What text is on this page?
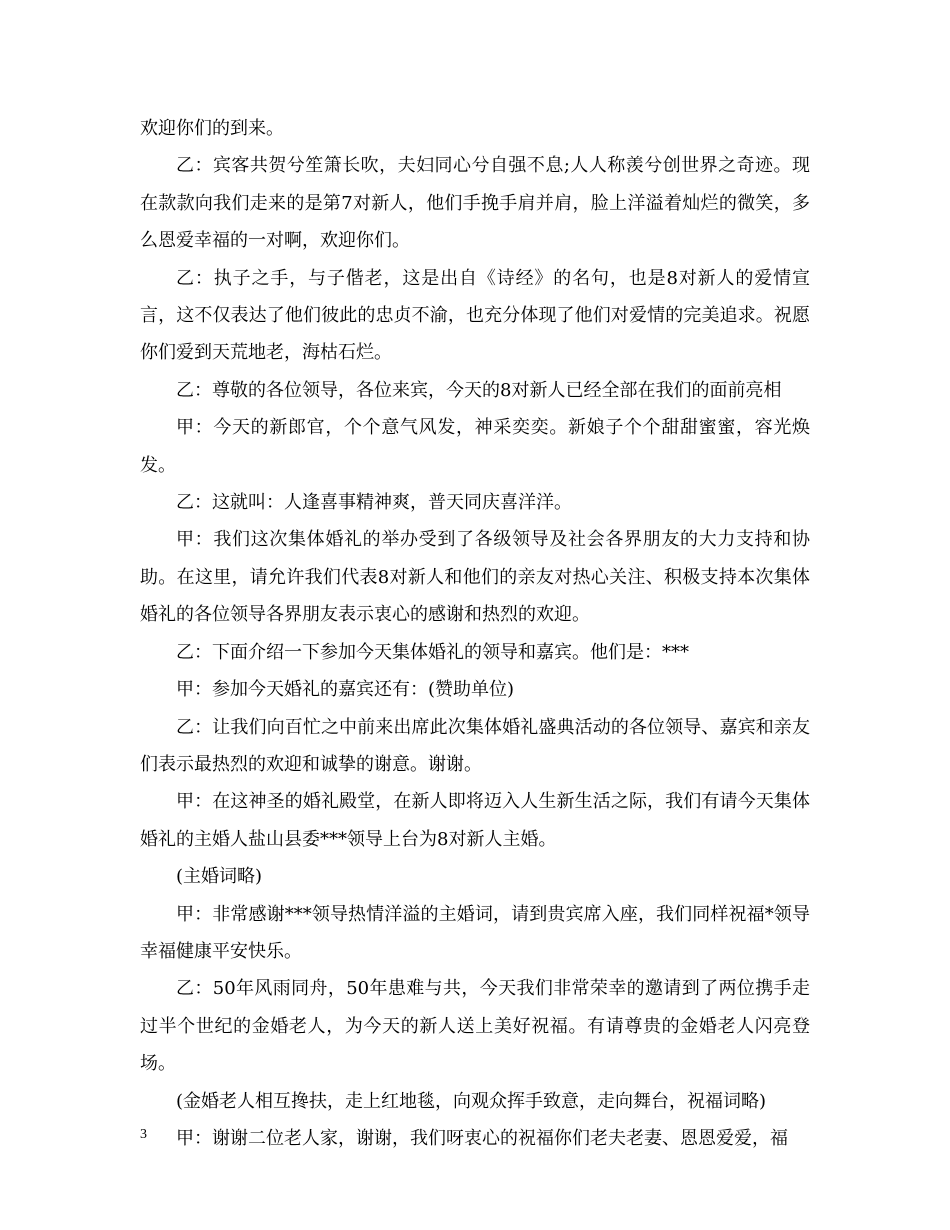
欢迎你们的到来。

乙：宾客共贺兮笙箫长吹，夫妇同心兮自强不息;人人称羡兮创世界之奇迹。现在款款向我们走来的是第7对新人，他们手挽手肩并肩，脸上洋溢着灿烂的微笑，多么恩爱幸福的一对啊，欢迎你们。

乙：执子之手，与子偕老，这是出自《诗经》的名句，也是8对新人的爱情宣言，这不仅表达了他们彼此的忠贞不渝，也充分体现了他们对爱情的完美追求。祝愿你们爱到天荒地老，海枯石烂。

乙：尊敬的各位领导，各位来宾，今天的8对新人已经全部在我们的面前亮相

甲：今天的新郎官，个个意气风发，神采奕奕。新娘子个个甜甜蜜蜜，容光焕发。

乙：这就叫：人逢喜事精神爽，普天同庆喜洋洋。

甲：我们这次集体婚礼的举办受到了各级领导及社会各界朋友的大力支持和协助。在这里，请允许我们代表8对新人和他们的亲友对热心关注、积极支持本次集体婚礼的各位领导各界朋友表示衷心的感谢和热烈的欢迎。

乙：下面介绍一下参加今天集体婚礼的领导和嘉宾。他们是：***

甲：参加今天婚礼的嘉宾还有：(赞助单位)

乙：让我们向百忙之中前来出席此次集体婚礼盛典活动的各位领导、嘉宾和亲友们表示最热烈的欢迎和诚挚的谢意。谢谢。

甲：在这神圣的婚礼殿堂，在新人即将迈入人生新生活之际，我们有请今天集体婚礼的主婚人盐山县委***领导上台为8对新人主婚。

(主婚词略)

甲：非常感谢***领导热情洋溢的主婚词，请到贵宾席入座，我们同样祝福*领导幸福健康平安快乐。

乙：50年风雨同舟，50年患难与共，今天我们非常荣幸的邀请到了两位携手走过半个世纪的金婚老人，为今天的新人送上美好祝福。有请尊贵的金婚老人闪亮登场。

(金婚老人相互搀扶，走上红地毯，向观众挥手致意，走向舞台，祝福词略)

甲：谢谢二位老人家，谢谢，我们呀衷心的祝福你们老夫老妻、恩恩爱爱，福

3
